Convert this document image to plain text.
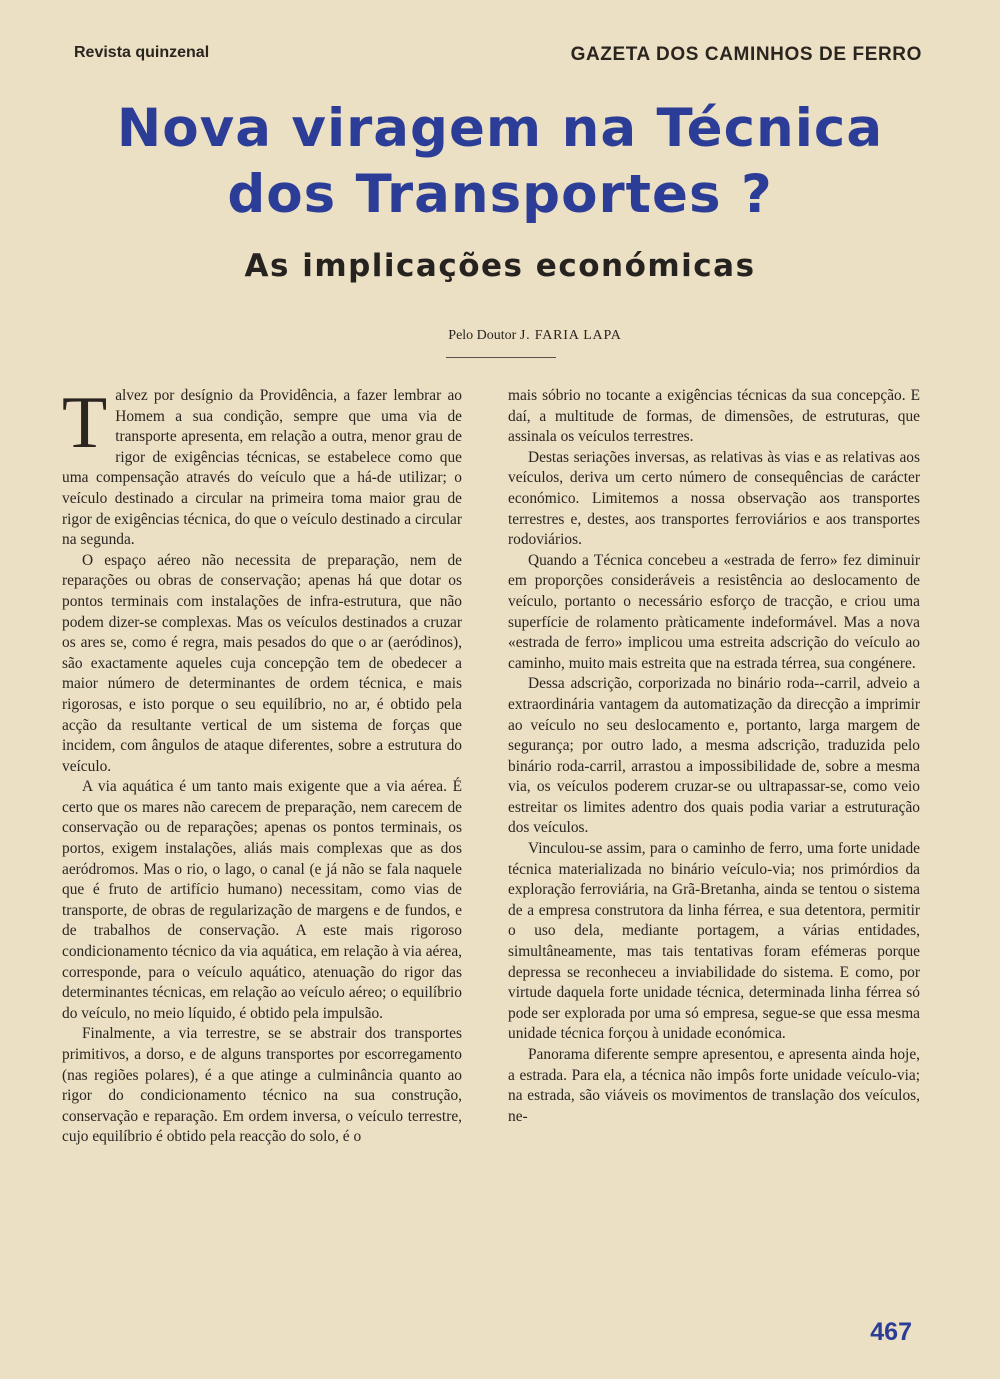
Revista quinzenal	GAZETA DOS CAMINHOS DE FERRO
Nova viragem na Técnica
dos Transportes ?
As implicações económicas
Pelo Doutor J. FARIA LAPA

Talvez por desígnio da Providência, a fazer lembrar ao Homem a sua condição, sempre que uma via de transporte apresenta, em relação a outra, menor grau de rigor de exigências técnicas, se estabelece como que uma compensação através do veículo que a há-de utilizar; o veículo destinado a circular na primeira toma maior grau de rigor de exigências técnica, do que o veículo destinado a circular na segunda.

O espaço aéreo não necessita de preparação, nem de reparações ou obras de conservação; apenas há que dotar os pontos terminais com instalações de infra-estrutura, que não podem dizer-se complexas. Mas os veículos destinados a cruzar os ares se, como é regra, mais pesados do que o ar (aeródinos), são exactamente aqueles cuja concepção tem de obedecer a maior número de determinantes de ordem técnica, e mais rigorosas, e isto porque o seu equilíbrio, no ar, é obtido pela acção da resultante vertical de um sistema de forças que incidem, com ângulos de ataque diferentes, sobre a estrutura do veículo.

A via aquática é um tanto mais exigente que a via aérea. É certo que os mares não carecem de preparação, nem carecem de conservação ou de reparações; apenas os pontos terminais, os portos, exigem instalações, aliás mais complexas que as dos aeródromos. Mas o rio, o lago, o canal (e já não se fala naquele que é fruto de artifício humano) necessitam, como vias de transporte, de obras de regularização de margens e de fundos, e de trabalhos de conservação. A este mais rigoroso condicionamento técnico da via aquática, em relação à via aérea, corresponde, para o veículo aquático, atenuação do rigor das determinantes técnicas, em relação ao veículo aéreo; o equilíbrio do veículo, no meio líquido, é obtido pela impulsão.

Finalmente, a via terrestre, se se abstrair dos transportes primitivos, a dorso, e de alguns transportes por escorregamento (nas regiões polares), é a que atinge a culminância quanto ao rigor do condicionamento técnico na sua construção, conservação e reparação. Em ordem inversa, o veículo terrestre, cujo equilíbrio é obtido pela reacção do solo, é o

mais sóbrio no tocante a exigências técnicas da sua concepção. E daí, a multitude de formas, de dimensões, de estruturas, que assinala os veículos terrestres.

Destas seriações inversas, as relativas às vias e as relativas aos veículos, deriva um certo número de consequências de carácter económico. Limitemos a nossa observação aos transportes terrestres e, destes, aos transportes ferroviários e aos transportes rodoviários.

Quando a Técnica concebeu a «estrada de ferro» fez diminuir em proporções consideráveis a resistência ao deslocamento de veículo, portanto o necessário esforço de tracção, e criou uma superfície de rolamento pràticamente indeformável. Mas a nova «estrada de ferro» implicou uma estreita adscrição do veículo ao caminho, muito mais estreita que na estrada térrea, sua congénere.

Dessa adscrição, corporizada no binário roda--carril, adveio a extraordinária vantagem da automatização da direcção a imprimir ao veículo no seu deslocamento e, portanto, larga margem de segurança; por outro lado, a mesma adscrição, traduzida pelo binário roda-carril, arrastou a impossibilidade de, sobre a mesma via, os veículos poderem cruzar-se ou ultrapassar-se, como veio estreitar os limites adentro dos quais podia variar a estruturação dos veículos.

Vinculou-se assim, para o caminho de ferro, uma forte unidade técnica materializada no binário veículo-via; nos primórdios da exploração ferroviária, na Grã-Bretanha, ainda se tentou o sistema de a empresa construtora da linha férrea, e sua detentora, permitir o uso dela, mediante portagem, a várias entidades, simultâneamente, mas tais tentativas foram efémeras porque depressa se reconheceu a inviabilidade do sistema. E como, por virtude daquela forte unidade técnica, determinada linha férrea só pode ser explorada por uma só empresa, segue-se que essa mesma unidade técnica forçou à unidade económica.

Panorama diferente sempre apresentou, e apresenta ainda hoje, a estrada. Para ela, a técnica não impôs forte unidade veículo-via; na estrada, são viáveis os movimentos de translação dos veículos, ne-

467
